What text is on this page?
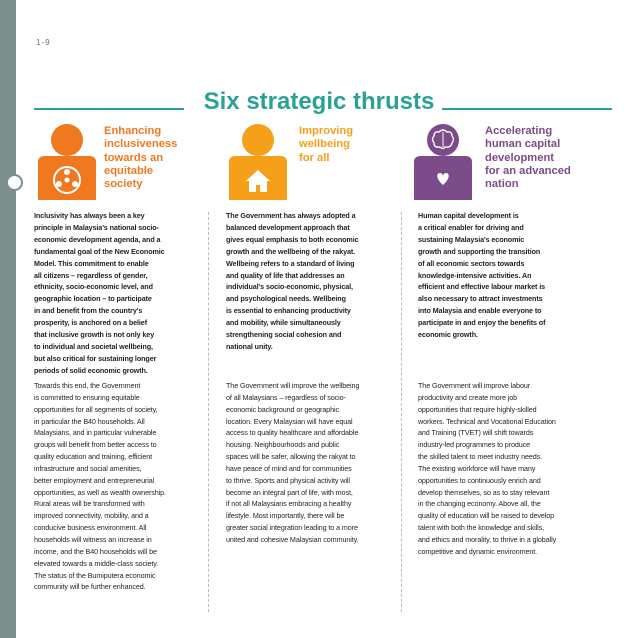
1-9
Six strategic thrusts
Enhancing
inclusiveness
towards an
equitable
society
Improving
wellbeing
for all
Accelerating
human capital
development
for an advanced
nation

Inclusivity has always been a key
principle in Malaysia's national socio-
economic development agenda, and a
fundamental goal of the New Economic
Model. This commitment to enable
all citizens – regardless of gender,
ethnicity, socio-economic level, and
geographic location – to participate
in and benefit from the country's
prosperity, is anchored on a belief
that inclusive growth is not only key
to individual and societal wellbeing,
but also critical for sustaining longer
periods of solid economic growth.

Towards this end, the Government
is committed to ensuring equitable
opportunities for all segments of society,
in particular the B40 households. All
Malaysians, and in particular vulnerable
groups will benefit from better access to
quality education and training, efficient
infrastructure and social amenities,
better employment and entrepreneurial
opportunities, as well as wealth ownership.
Rural areas will be transformed with
improved connectivity, mobility, and a
conducive business environment. All
households will witness an increase in
income, and the B40 households will be
elevated towards a middle-class society.
The status of the Bumiputera economic
community will be further enhanced.

The Government has always adopted a
balanced development approach that
gives equal emphasis to both economic
growth and the wellbeing of the rakyat.
Wellbeing refers to a standard of living
and quality of life that addresses an
individual's socio-economic, physical,
and psychological needs. Wellbeing
is essential to enhancing productivity
and mobility, while simultaneously
strengthening social cohesion and
national unity.

The Government will improve the wellbeing
of all Malaysians – regardless of socio-
economic background or geographic
location. Every Malaysian will have equal
access to quality healthcare and affordable
housing. Neighbourhoods and public
spaces will be safer, allowing the rakyat to
have peace of mind and for communities
to thrive. Sports and physical activity will
become an integral part of life, with most,
if not all Malaysians embracing a healthy
lifestyle. Most importantly, there will be
greater social integration leading to a more
united and cohesive Malaysian community.

Human capital development is
a critical enabler for driving and
sustaining Malaysia's economic
growth and supporting the transition
of all economic sectors towards
knowledge-intensive activities. An
efficient and effective labour market is
also necessary to attract investments
into Malaysia and enable everyone to
participate in and enjoy the benefits of
economic growth.

The Government will improve labour
productivity and create more job
opportunities that require highly-skilled
workers. Technical and Vocational Education
and Training (TVET) will shift towards
industry-led programmes to produce
the skilled talent to meet industry needs.
The existing workforce will have many
opportunities to continuously enrich and
develop themselves, so as to stay relevant
in the changing economy. Above all, the
quality of education will be raised to develop
talent with both the knowledge and skills,
and ethics and morality, to thrive in a globally
competitive and dynamic environment.
